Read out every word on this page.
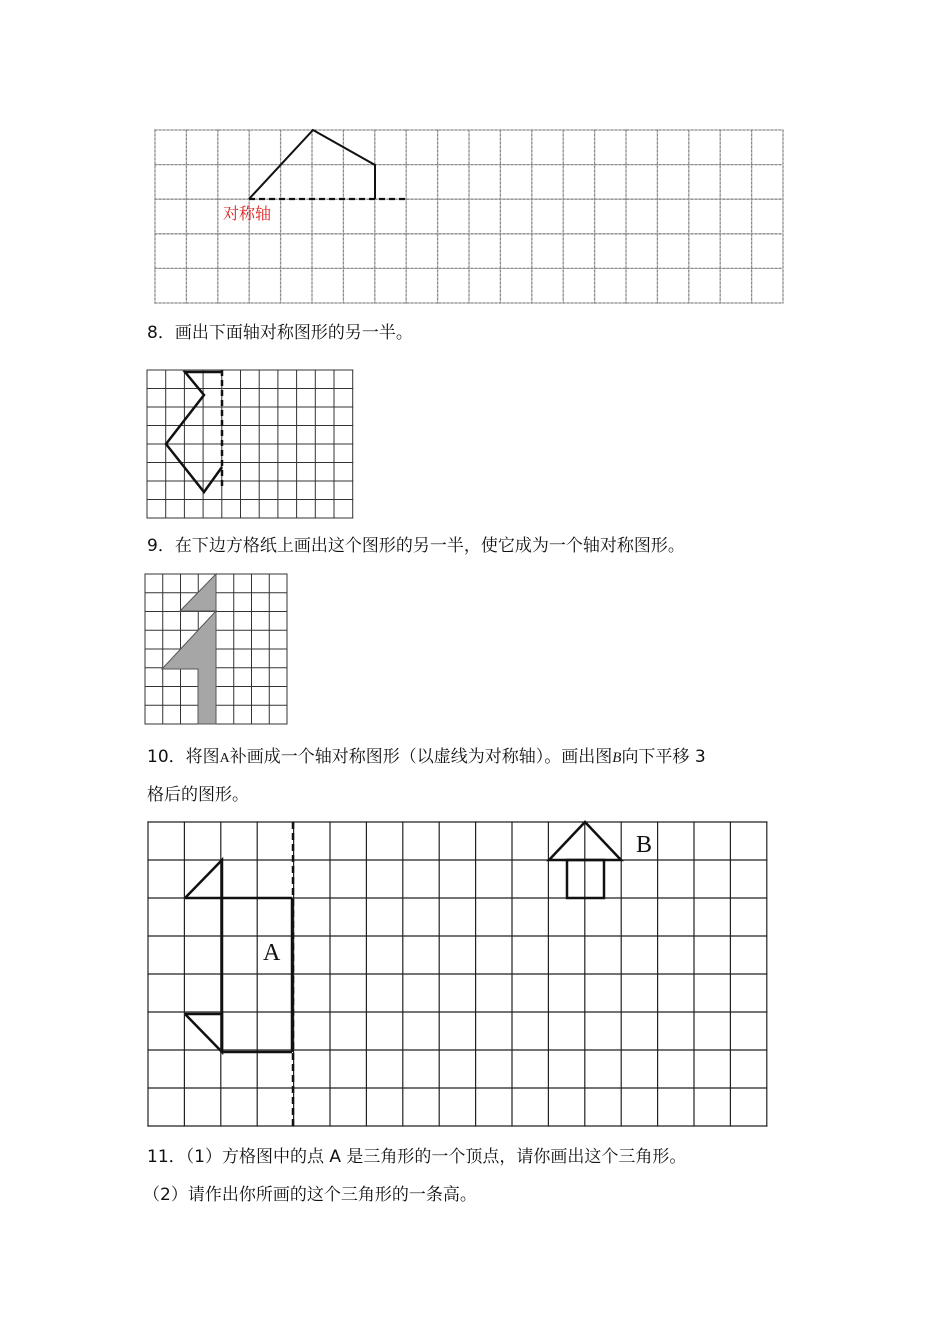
对称轴
8．画出下面轴对称图形的另一半。
9．在下边方格纸上画出这个图形的另一半，使它成为一个轴对称图形。
10．将图A补画成一个轴对称图形（以虚线为对称轴）。画出图B向下平移 3
格后的图形。
A
B
11．（1）方格图中的点 A 是三角形的一个顶点，请你画出这个三角形。
（2）请作出你所画的这个三角形的一条高。
